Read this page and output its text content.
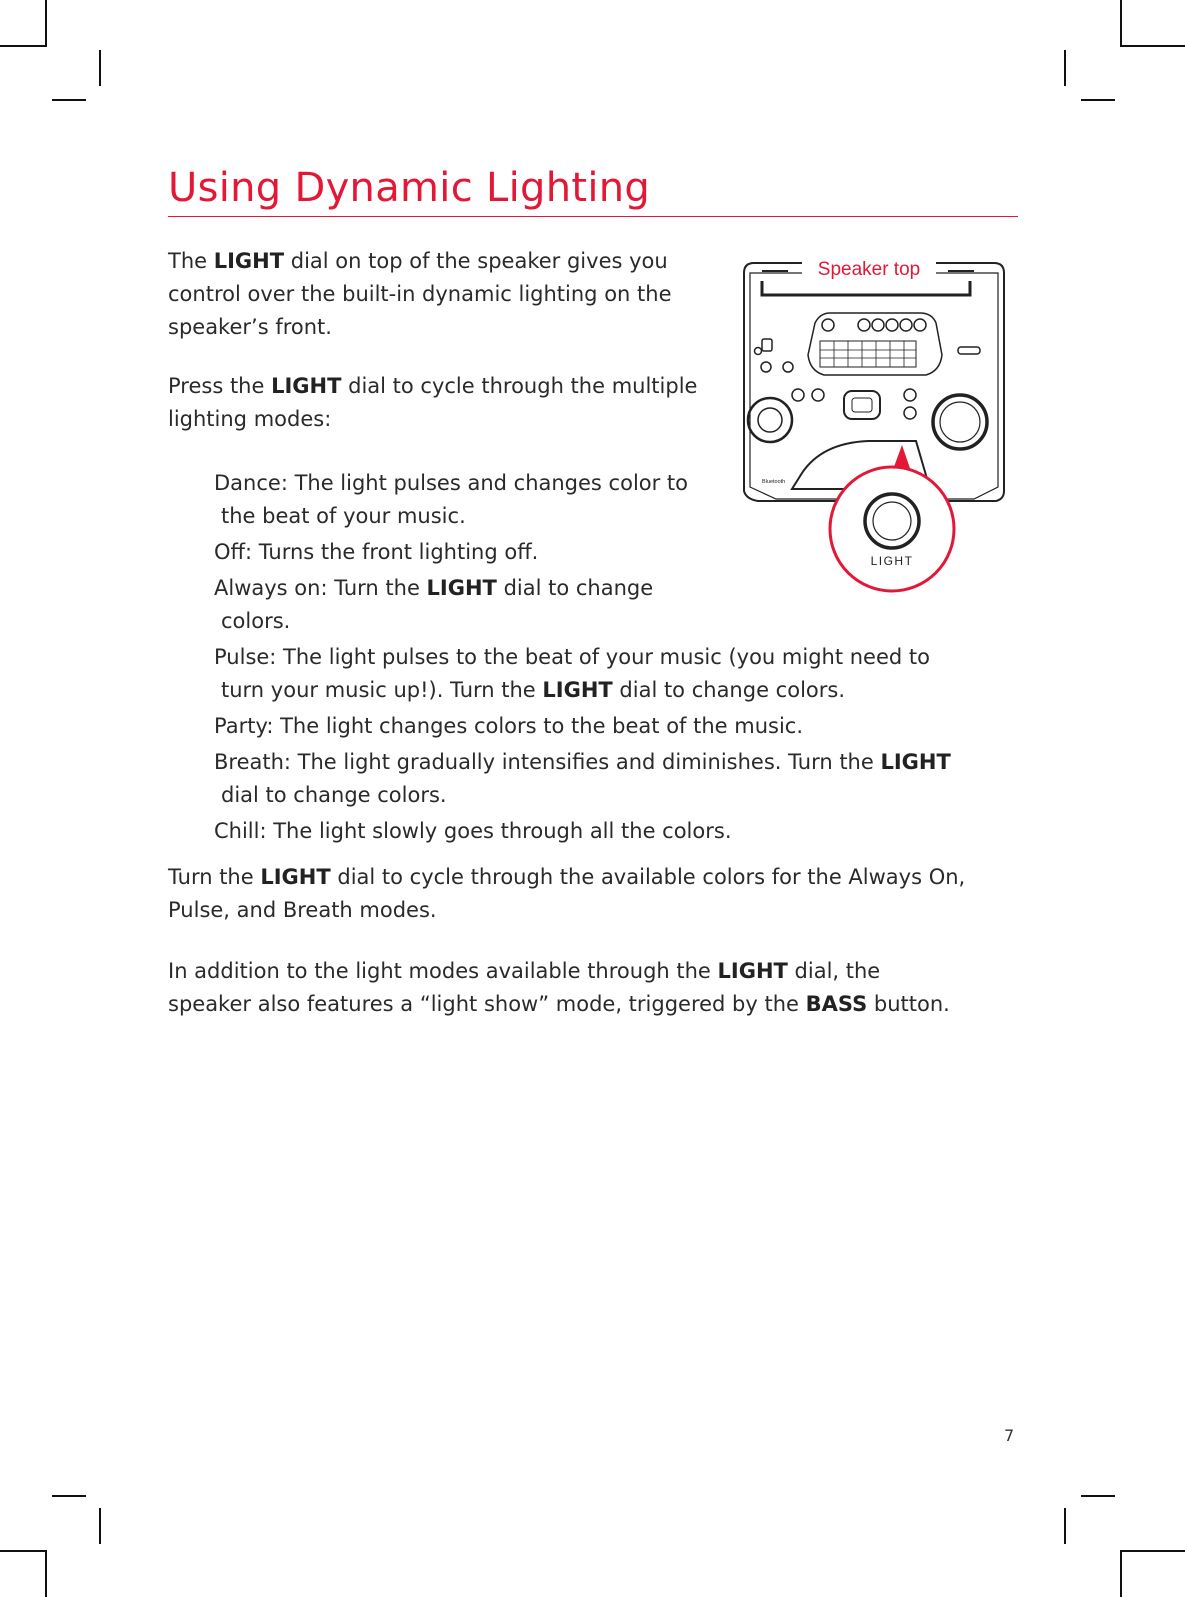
Using Dynamic Lighting

The LIGHT dial on top of the speaker gives you
control over the built-in dynamic lighting on the
speaker’s front.

Press the LIGHT dial to cycle through the multiple
lighting modes:

Dance: The light pulses and changes color to
the beat of your music.
Off: Turns the front lighting off.
Always on: Turn the LIGHT dial to change
colors.
Pulse: The light pulses to the beat of your music (you might need to
turn your music up!). Turn the LIGHT dial to change colors.
Party: The light changes colors to the beat of the music.
Breath: The light gradually intensifies and diminishes. Turn the LIGHT
dial to change colors.
Chill: The light slowly goes through all the colors.

Turn the LIGHT dial to cycle through the available colors for the Always On,
Pulse, and Breath modes.

In addition to the light modes available through the LIGHT dial, the
speaker also features a “light show” mode, triggered by the BASS button.

Speaker top
Bluetooth
LIGHT
7
